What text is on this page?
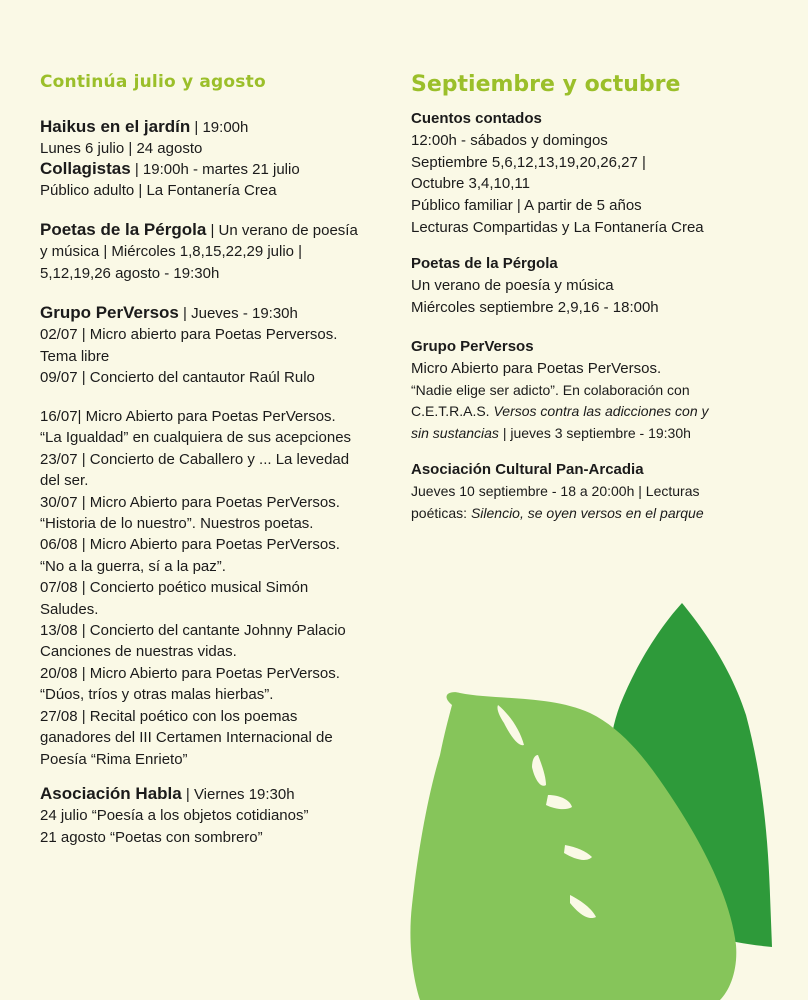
Continúa julio y agosto
Haikus en el jardín | 19:00h
Lunes 6 julio | 24 agosto
Collagistas | 19:00h - martes 21 julio
Público adulto | La Fontanería Crea
Poetas de la Pérgola | Un verano de poesía
y música | Miércoles 1,8,15,22,29 julio |
5,12,19,26 agosto - 19:30h
Grupo PerVersos | Jueves - 19:30h
02/07 | Micro abierto para Poetas Perversos.
Tema libre
09/07 | Concierto del cantautor Raúl Rulo
16/07| Micro Abierto para Poetas PerVersos.
“La Igualdad” en cualquiera de sus acepciones
23/07 | Concierto de Caballero y ... La levedad
del ser.
30/07 | Micro Abierto para Poetas PerVersos.
“Historia de lo nuestro”. Nuestros poetas.
06/08 | Micro Abierto para Poetas PerVersos.
“No a la guerra, sí a la paz”.
07/08 | Concierto poético musical Simón
Saludes.
13/08 | Concierto del cantante Johnny Palacio
Canciones de nuestras vidas.
20/08 | Micro Abierto para Poetas PerVersos.
“Dúos, tríos y otras malas hierbas”.
27/08 | Recital poético con los poemas
ganadores del III Certamen Internacional de
Poesía “Rima Enrieto”
Asociación Habla | Viernes 19:30h
24 julio “Poesía a los objetos cotidianos”
21 agosto “Poetas con sombrero”
Septiembre y octubre
Cuentos contados
12:00h - sábados y domingos
Septiembre 5,6,12,13,19,20,26,27 |
Octubre 3,4,10,11
Público familiar | A partir de 5 años
Lecturas Compartidas y La Fontanería Crea
Poetas de la Pérgola
Un verano de poesía y música
Miércoles septiembre 2,9,16 - 18:00h
Grupo PerVersos
Micro Abierto para Poetas PerVersos.
“Nadie elige ser adicto”. En colaboración con
C.E.T.R.A.S. Versos contra las adicciones con y
sin sustancias | jueves 3 septiembre - 19:30h
Asociación Cultural Pan-Arcadia
Jueves 10 septiembre - 18 a 20:00h | Lecturas
poéticas: Silencio, se oyen versos en el parque
